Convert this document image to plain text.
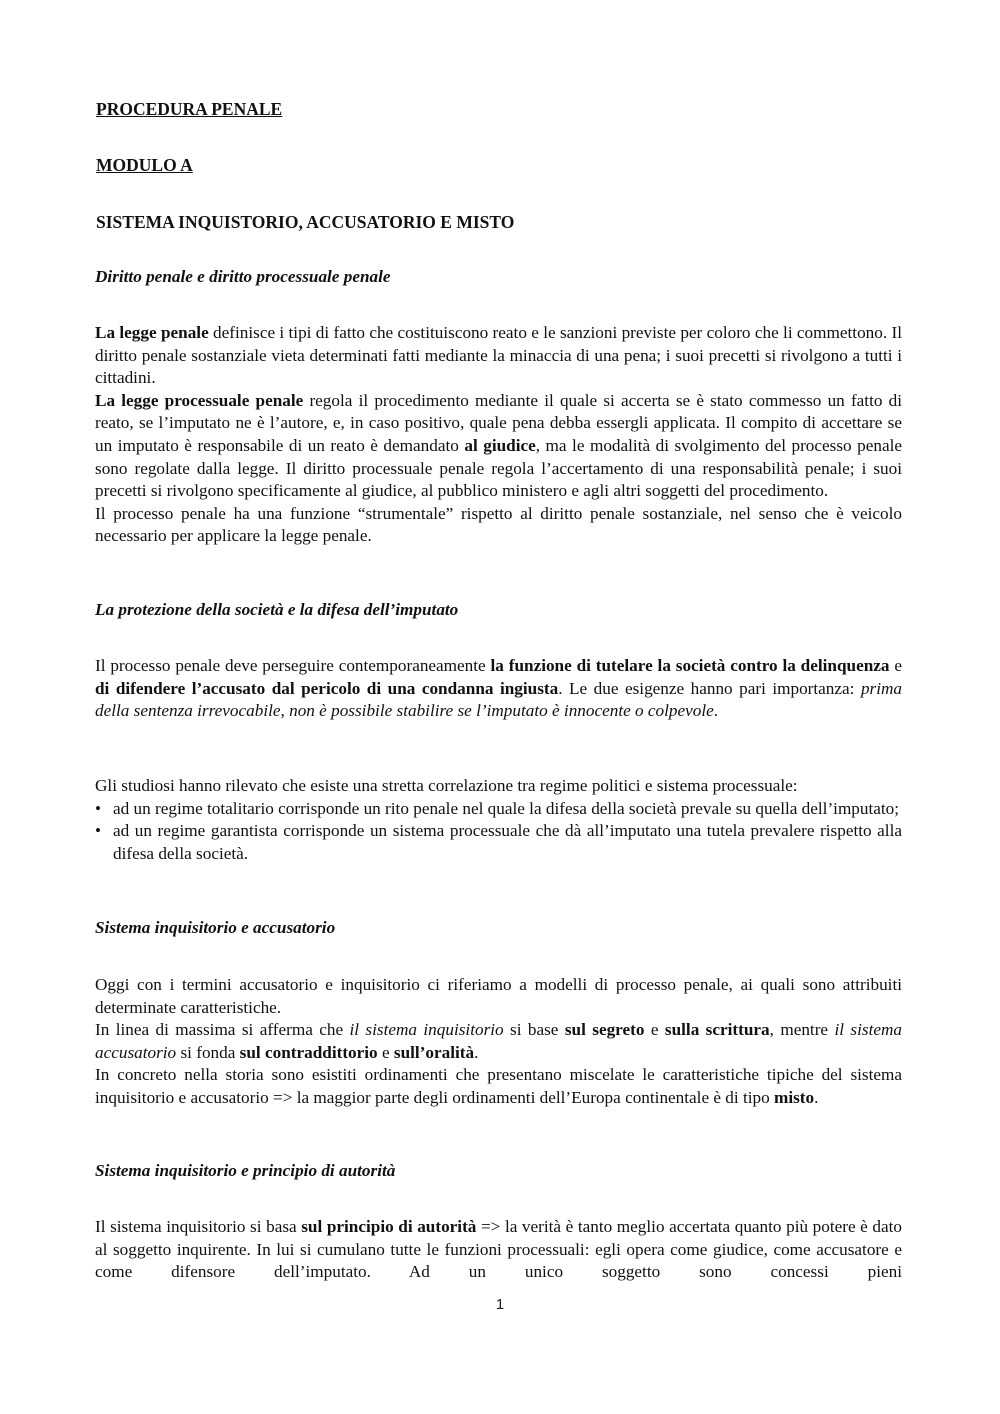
PROCEDURA PENALE
MODULO A
SISTEMA INQUISTORIO, ACCUSATORIO E MISTO
Diritto penale e diritto processuale penale

La legge penale definisce i tipi di fatto che costituiscono reato e le sanzioni previste per coloro che li commettono. Il diritto penale sostanziale vieta determinati fatti mediante la minaccia di una pena; i suoi precetti si rivolgono a tutti i cittadini.

La legge processuale penale regola il procedimento mediante il quale si accerta se è stato commesso un fatto di reato, se l’imputato ne è l’autore, e, in caso positivo, quale pena debba essergli applicata. Il compito di accettare se un imputato è responsabile di un reato è demandato al giudice, ma le modalità di svolgimento del processo penale sono regolate dalla legge. Il diritto processuale penale regola l’accertamento di una responsabilità penale; i suoi precetti si rivolgono specificamente al giudice, al pubblico ministero e agli altri soggetti del procedimento.

Il processo penale ha una funzione “strumentale” rispetto al diritto penale sostanziale, nel senso che è veicolo necessario per applicare la legge penale.

La protezione della società e la difesa dell’imputato

Il processo penale deve perseguire contemporaneamente la funzione di tutelare la società contro la delinquenza e di difendere l’accusato dal pericolo di una condanna ingiusta. Le due esigenze hanno pari importanza: prima della sentenza irrevocabile, non è possibile stabilire se l’imputato è innocente o colpevole.

Gli studiosi hanno rilevato che esiste una stretta correlazione tra regime politici e sistema processuale:

• ad un regime totalitario corrisponde un rito penale nel quale la difesa della società prevale su quella dell’imputato;
• ad un regime garantista corrisponde un sistema processuale che dà all’imputato una tutela prevalere rispetto alla difesa della società.
Sistema inquisitorio e accusatorio

Oggi con i termini accusatorio e inquisitorio ci riferiamo a modelli di processo penale, ai quali sono attribuiti determinate caratteristiche.

In linea di massima si afferma che il sistema inquisitorio si base sul segreto e sulla scrittura, mentre il sistema accusatorio si fonda sul contraddittorio e sull’oralità.

In concreto nella storia sono esistiti ordinamenti che presentano miscelate le caratteristiche tipiche del sistema inquisitorio e accusatorio => la maggior parte degli ordinamenti dell’Europa continentale è di tipo misto.

Sistema inquisitorio e principio di autorità

Il sistema inquisitorio si basa sul principio di autorità => la verità è tanto meglio accertata quanto più potere è dato al soggetto inquirente. In lui si cumulano tutte le funzioni processuali: egli opera come giudice, come accusatore e come difensore dell’imputato. Ad un unico soggetto sono concessi pieni

1
